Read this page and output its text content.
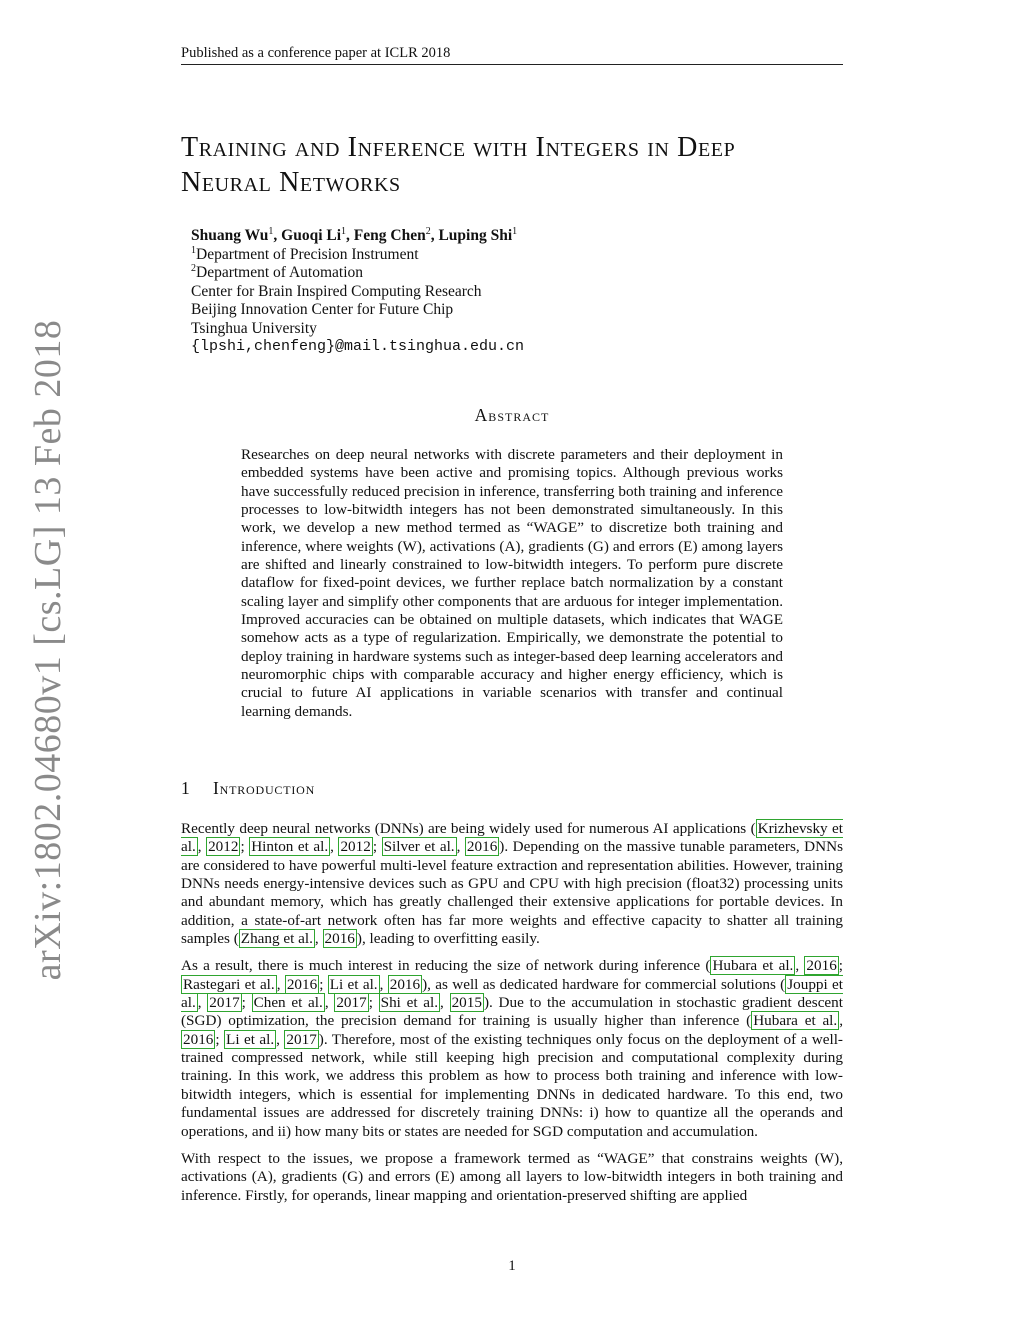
Published as a conference paper at ICLR 2018
arXiv:1802.04680v1 [cs.LG] 13 Feb 2018
Training and Inference with Integers in Deep
Neural Networks
Shuang Wu$^1$, Guoqi Li$^1$, Feng Chen$^2$, Luping Shi$^1$
$^1$Department of Precision Instrument
$^2$Department of Automation
Center for Brain Inspired Computing Research
Beijing Innovation Center for Future Chip
Tsinghua University
{lpshi,chenfeng}@mail.tsinghua.edu.cn
Abstract
Researches on deep neural networks with discrete parameters and their deployment in embedded systems have been active and promising topics. Although previous works have successfully reduced precision in inference, transferring both training and inference processes to low-bitwidth integers has not been demonstrated simultaneously. In this work, we develop a new method termed as “WAGE” to discretize both training and inference, where weights (W), activations (A), gradients (G) and errors (E) among layers are shifted and linearly constrained to low-bitwidth integers. To perform pure discrete dataflow for fixed-point devices, we further replace batch normalization by a constant scaling layer and simplify other components that are arduous for integer implementation. Improved accuracies can be obtained on multiple datasets, which indicates that WAGE somehow acts as a type of regularization. Empirically, we demonstrate the potential to deploy training in hardware systems such as integer-based deep learning accelerators and neuromorphic chips with comparable accuracy and higher energy efficiency, which is crucial to future AI applications in variable scenarios with transfer and continual learning demands.
1 Introduction

Recently deep neural networks (DNNs) are being widely used for numerous AI applications ( Krizhevsky et al. , 2012 ; Hinton et al. , 2012 ; Silver et al. , 2016 ). Depending on the massive tunable parameters, DNNs are considered to have powerful multi-level feature extraction and representation abilities. However, training DNNs needs energy-intensive devices such as GPU and CPU with high precision (float32) processing units and abundant memory, which has greatly challenged their extensive applications for portable devices. In addition, a state-of-art network often has far more weights and effective capacity to shatter all training samples ( Zhang et al. , 2016 ), leading to overfitting easily.

As a result, there is much interest in reducing the size of network during inference ( Hubara et al. , 2016 ; Rastegari et al. , 2016 ; Li et al. , 2016 ), as well as dedicated hardware for commercial solutions ( Jouppi et al. , 2017 ; Chen et al. , 2017 ; Shi et al. , 2015 ). Due to the accumulation in stochastic gradient descent (SGD) optimization, the precision demand for training is usually higher than inference ( Hubara et al. , 2016 ; Li et al. , 2017 ). Therefore, most of the existing techniques only focus on the deployment of a well-trained compressed network, while still keeping high precision and computational complexity during training. In this work, we address this problem as how to process both training and inference with low-bitwidth integers, which is essential for implementing DNNs in dedicated hardware. To this end, two fundamental issues are addressed for discretely training DNNs: i) how to quantize all the operands and operations, and ii) how many bits or states are needed for SGD computation and accumulation.

With respect to the issues, we propose a framework termed as “WAGE” that constrains weights (W), activations (A), gradients (G) and errors (E) among all layers to low-bitwidth integers in both training and inference. Firstly, for operands, linear mapping and orientation-preserved shifting are applied

1
